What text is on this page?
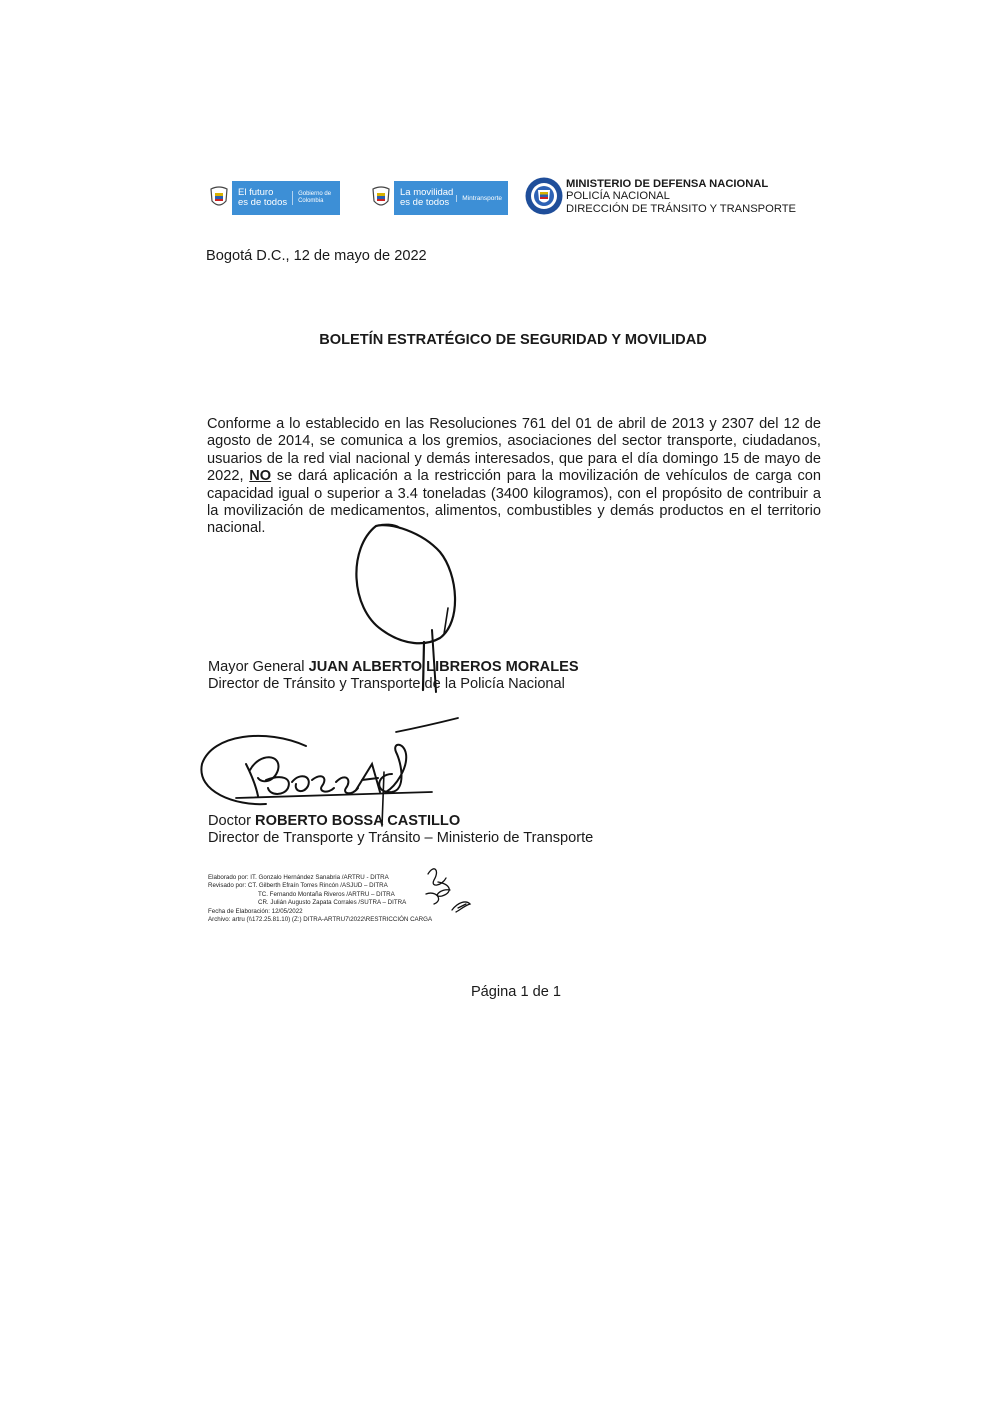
El futuro
es de todos
Gobierno de Colombia
La movilidad
es de todos	Mintransporte
MINISTERIO DE DEFENSA NACIONAL
POLICÍA NACIONAL
DIRECCIÓN DE TRÁNSITO Y TRANSPORTE
Bogotá D.C., 12 de mayo de 2022
BOLETÍN ESTRATÉGICO DE SEGURIDAD Y MOVILIDAD
Conforme a lo establecido en las Resoluciones 761 del 01 de abril de 2013 y 2307 del 12 de agosto de 2014, se comunica a los gremios, asociaciones del sector transporte, ciudadanos, usuarios de la red vial nacional y demás interesados, que para el día domingo 15 de mayo de 2022, NO se dará aplicación a la restricción para la movilización de vehículos de carga con capacidad igual o superior a 3.4 toneladas (3400 kilogramos), con el propósito de contribuir a la movilización de medicamentos, alimentos, combustibles y demás productos en el territorio nacional.
Mayor General JUAN ALBERTO LIBREROS MORALES
Director de Tránsito y Transporte de la Policía Nacional
Doctor ROBERTO BOSSA CASTILLO
Director de Transporte y Tránsito – Ministerio de Transporte
Elaborado por: IT. Gonzalo Hernández Sanabria /ARTRU - DITRA
Revisado por: CT. Gilberth Efraín Torres Rincón /ASJUD – DITRA
TC. Fernando Montaña Riveros /ARTRU – DITRA
CR. Julián Augusto Zapata Corrales /SUTRA – DITRA
Fecha de Elaboración: 12/05/2022
Archivo: artru (\\172.25.81.10) (Z:) DITRA-ARTRU7\2022\RESTRICCIÓN CARGA
Página 1 de 1
